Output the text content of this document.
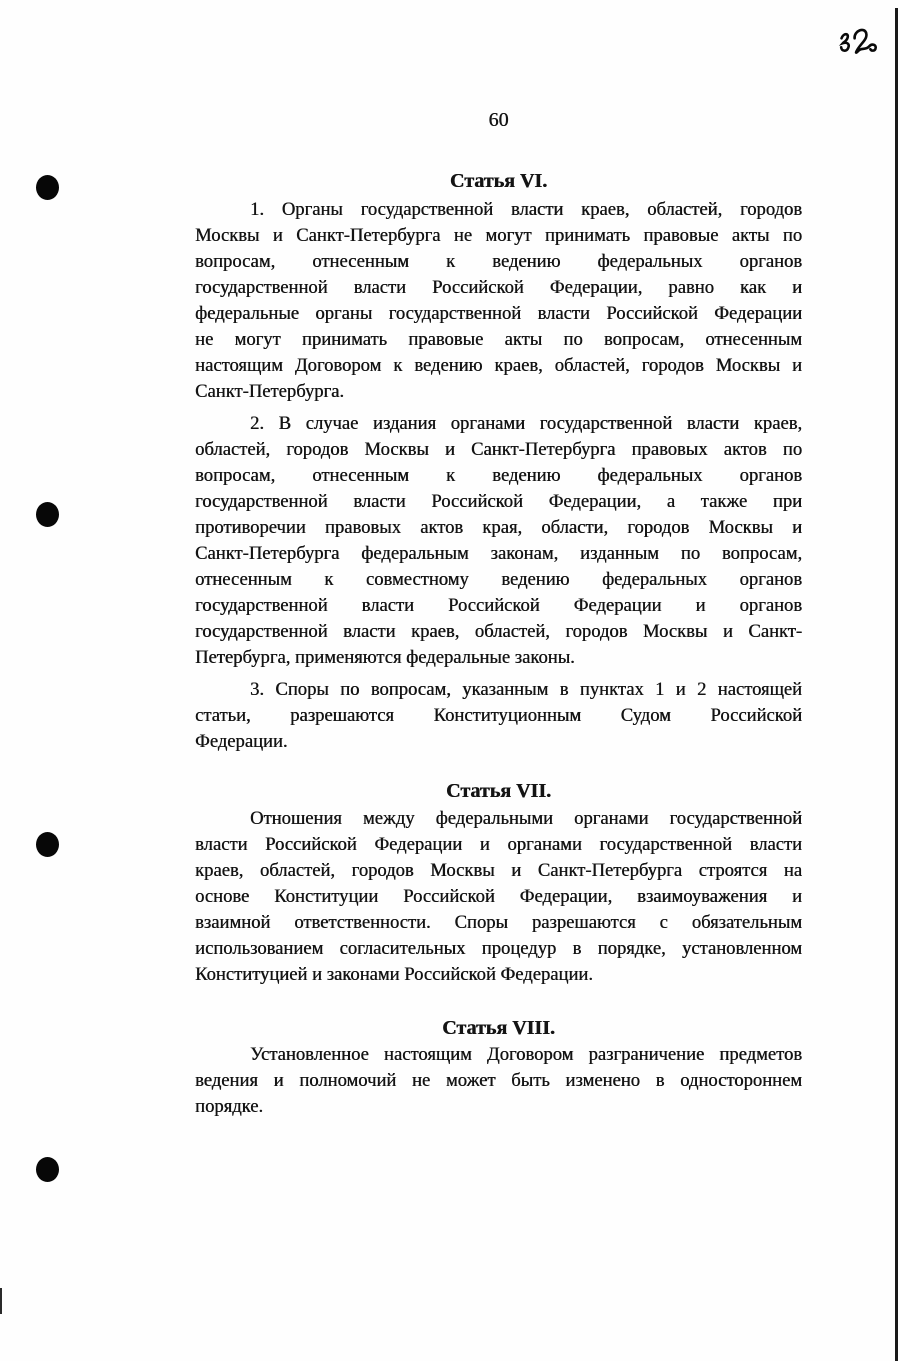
60
Статья VI.
1. Органы государственной власти краев, областей, городов
Москвы и Санкт-Петербурга не могут принимать правовые акты по
вопросам, отнесенным к ведению федеральных органов
государственной власти Российской Федерации, равно как и
федеральные органы государственной власти Российской Федерации
не могут принимать правовые акты по вопросам, отнесенным
настоящим Договором к ведению краев, областей, городов Москвы и
Санкт-Петербурга.
2. В случае издания органами государственной власти краев,
областей, городов Москвы и Санкт-Петербурга правовых актов по
вопросам, отнесенным к ведению федеральных органов
государственной власти Российской Федерации, а также при
противоречии правовых актов края, области, городов Москвы и
Санкт-Петербурга федеральным законам, изданным по вопросам,
отнесенным к совместному ведению федеральных органов
государственной власти Российской Федерации и органов
государственной власти краев, областей, городов Москвы и Санкт-
Петербурга, применяются федеральные законы.
3. Споры по вопросам, указанным в пунктах 1 и 2 настоящей
статьи, разрешаются Конституционным Судом Российской
Федерации.
Статья VII.
Отношения между федеральными органами государственной
власти Российской Федерации и органами государственной власти
краев, областей, городов Москвы и Санкт-Петербурга строятся на
основе Конституции Российской Федерации, взаимоуважения и
взаимной ответственности. Споры разрешаются с обязательным
использованием согласительных процедур в порядке, установленном
Конституцией и законами Российской Федерации.
Статья VIII.
Установленное настоящим Договором разграничение предметов
ведения и полномочий не может быть изменено в одностороннем
порядке.
